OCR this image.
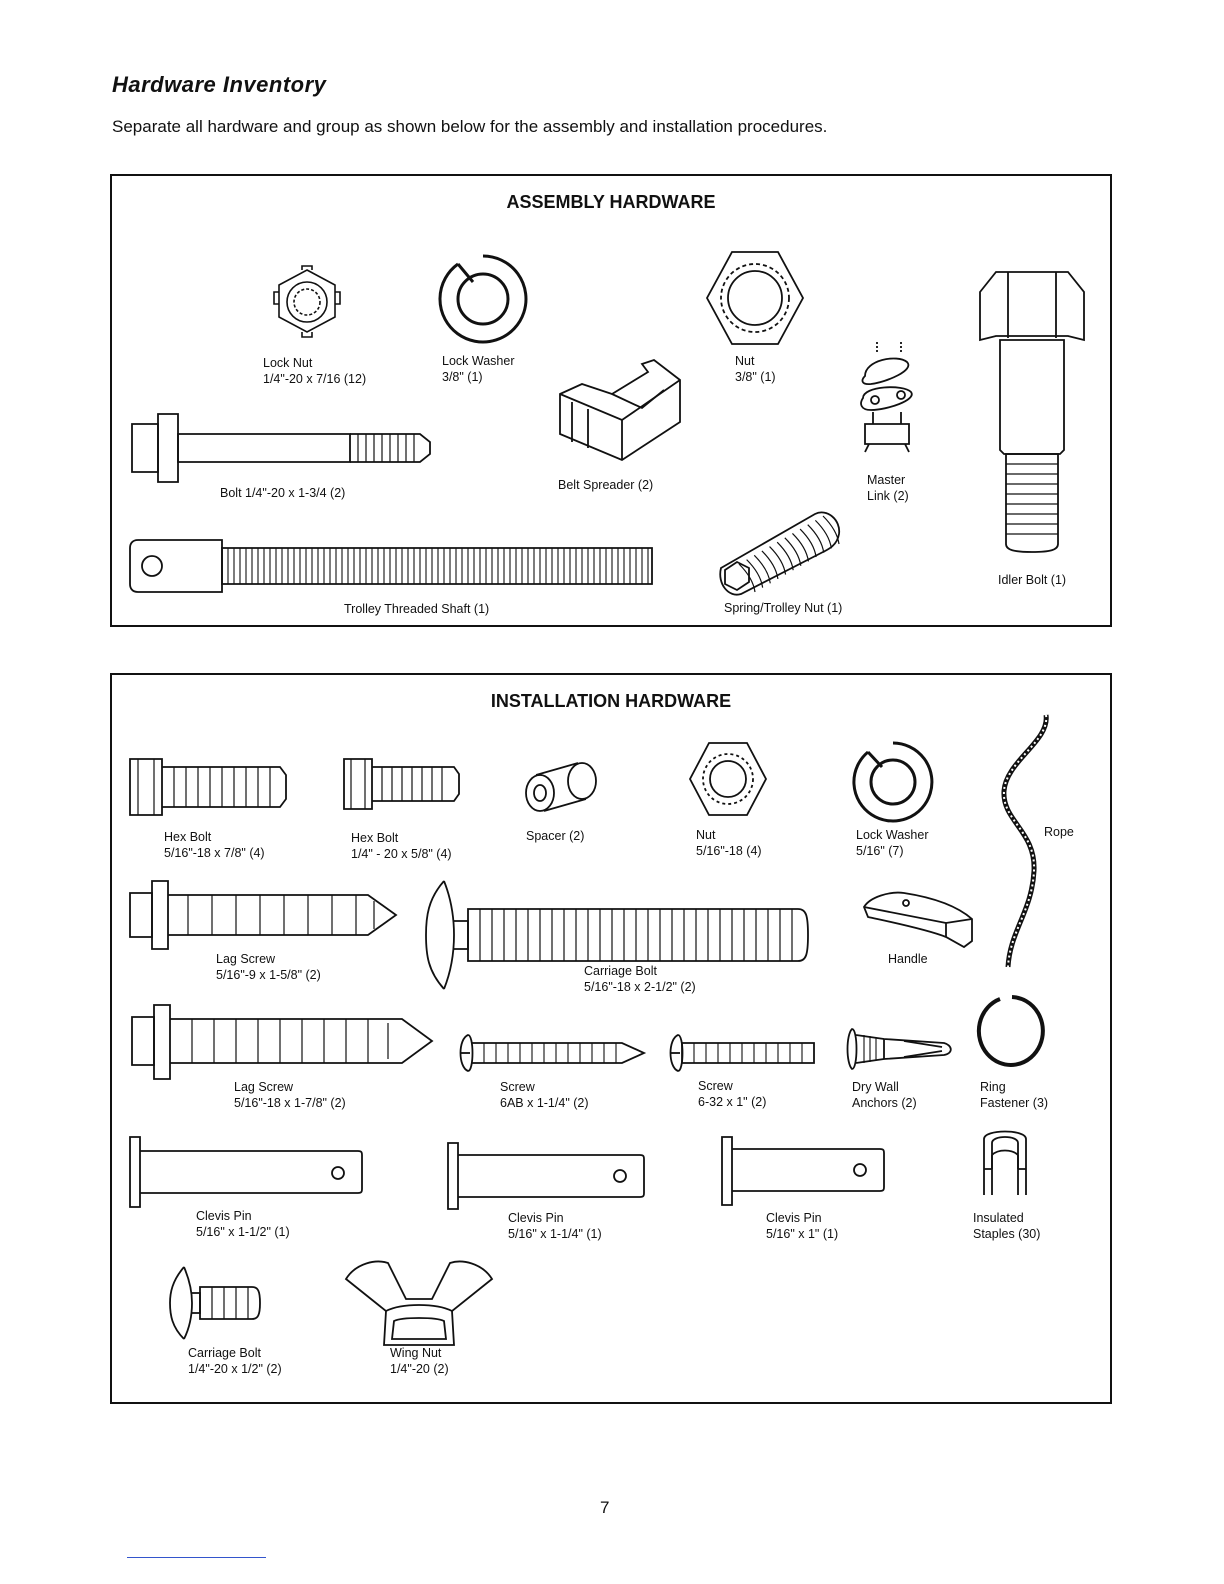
Hardware Inventory
Separate all hardware and group as shown below for the assembly and installation procedures.
ASSEMBLY HARDWARE
Lock Nut
1/4"-20 x 7/16 (12)
Lock Washer
3/8" (1)
Nut
3/8" (1)
Bolt 1/4"-20 x 1-3/4 (2)
Belt Spreader (2)	Master
Link (2)
Idler Bolt (1)
Trolley Threaded Shaft (1)	Spring/Trolley Nut (1)
INSTALLATION HARDWARE
Hex Bolt
5/16"-18 x 7/8" (4)
Hex Bolt
1/4" - 20 x 5/8" (4)
Spacer (2)	Nut
5/16"-18 (4)
Lock Washer
5/16" (7)
Rope
Lag Screw
5/16"-9 x 1-5/8" (2)	Carriage Bolt
5/16"-18 x 2-1/2" (2)
Handle
Lag Screw
5/16"-18 x 1-7/8" (2)
Screw
6AB x 1-1/4" (2)
Screw
6-32 x 1" (2)
Dry Wall
Anchors (2)
Ring
Fastener (3)
Clevis Pin
5/16" x 1-1/2" (1)
Clevis Pin
5/16" x 1-1/4" (1)
Clevis Pin
5/16" x 1" (1)
Insulated
Staples (30)
Carriage Bolt
1/4"-20 x 1/2" (2)
Wing Nut
1/4"-20 (2)
7
